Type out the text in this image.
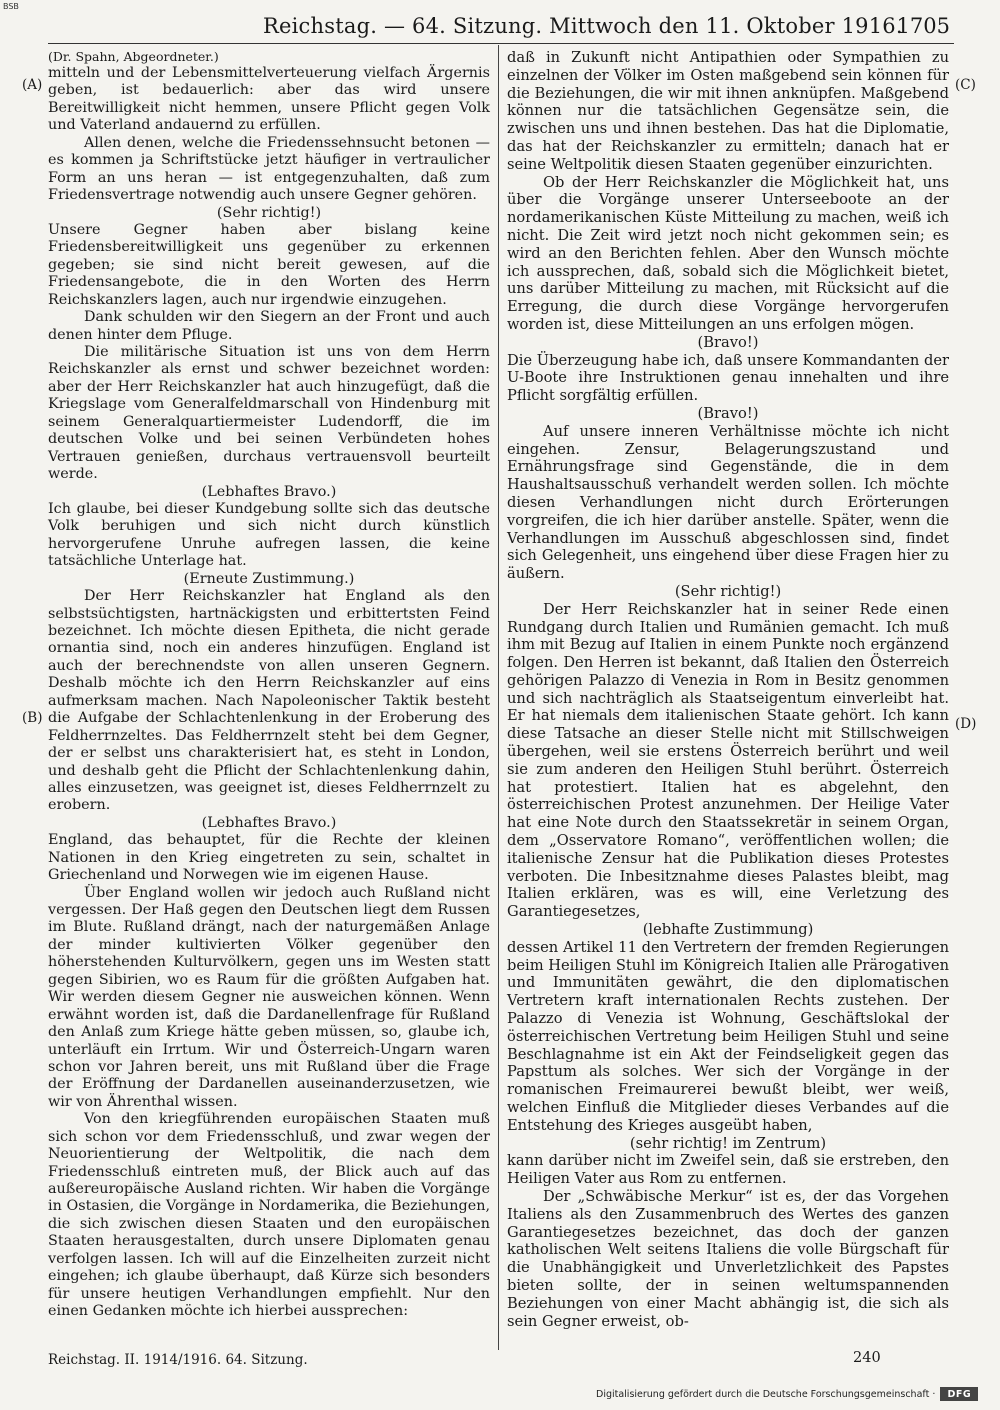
BSB
Reichstag. — 64. Sitzung. Mittwoch den 11. Oktober 1916.
1705
(A)
(B)
(C)
(D)
(Dr. Spahn, Abgeordneter.)
mitteln und der Lebensmittelverteuerung vielfach Ärgernis geben, ist bedauerlich: aber das wird unsere Bereitwilligkeit nicht hemmen, unsere Pflicht gegen Volk und Vaterland andauernd zu erfüllen.
Allen denen, welche die Friedenssehnsucht betonen — es kommen ja Schriftstücke jetzt häufiger in vertraulicher Form an uns heran — ist entgegenzuhalten, daß zum Friedensvertrage notwendig auch unsere Gegner gehören.
(Sehr richtig!)
Unsere Gegner haben aber bislang keine Friedensbereitwilligkeit uns gegenüber zu erkennen gegeben; sie sind nicht bereit gewesen, auf die Friedensangebote, die in den Worten des Herrn Reichskanzlers lagen, auch nur irgendwie einzugehen.
Dank schulden wir den Siegern an der Front und auch denen hinter dem Pfluge.
Die militärische Situation ist uns von dem Herrn Reichskanzler als ernst und schwer bezeichnet worden: aber der Herr Reichskanzler hat auch hinzugefügt, daß die Kriegslage vom Generalfeldmarschall von Hindenburg mit seinem Generalquartiermeister Ludendorff, die im deutschen Volke und bei seinen Verbündeten hohes Vertrauen genießen, durchaus vertrauensvoll beurteilt werde.
(Lebhaftes Bravo.)
Ich glaube, bei dieser Kundgebung sollte sich das deutsche Volk beruhigen und sich nicht durch künstlich hervorgerufene Unruhe aufregen lassen, die keine tatsächliche Unterlage hat.
(Erneute Zustimmung.)
Der Herr Reichskanzler hat England als den selbstsüchtigsten, hartnäckigsten und erbittertsten Feind bezeichnet. Ich möchte diesen Epitheta, die nicht gerade ornantia sind, noch ein anderes hinzufügen. England ist auch der berechnendste von allen unseren Gegnern. Deshalb möchte ich den Herrn Reichskanzler auf eins aufmerksam machen. Nach Napoleonischer Taktik besteht die Aufgabe der Schlachtenlenkung in der Eroberung des Feldherrnzeltes. Das Feldherrnzelt steht bei dem Gegner, der er selbst uns charakterisiert hat, es steht in London, und deshalb geht die Pflicht der Schlachtenlenkung dahin, alles einzusetzen, was geeignet ist, dieses Feldherrnzelt zu erobern.
(Lebhaftes Bravo.)
England, das behauptet, für die Rechte der kleinen Nationen in den Krieg eingetreten zu sein, schaltet in Griechenland und Norwegen wie im eigenen Hause.
Über England wollen wir jedoch auch Rußland nicht vergessen. Der Haß gegen den Deutschen liegt dem Russen im Blute. Rußland drängt, nach der naturgemäßen Anlage der minder kultivierten Völker gegenüber den höherstehenden Kulturvölkern, gegen uns im Westen statt gegen Sibirien, wo es Raum für die größten Aufgaben hat. Wir werden diesem Gegner nie ausweichen können. Wenn erwähnt worden ist, daß die Dardanellenfrage für Rußland den Anlaß zum Kriege hätte geben müssen, so, glaube ich, unterläuft ein Irrtum. Wir und Österreich-Ungarn waren schon vor Jahren bereit, uns mit Rußland über die Frage der Eröffnung der Dardanellen auseinanderzusetzen, wie wir von Ährenthal wissen.
Von den kriegführenden europäischen Staaten muß sich schon vor dem Friedensschluß, und zwar wegen der Neuorientierung der Weltpolitik, die nach dem Friedensschluß eintreten muß, der Blick auch auf das außereuropäische Ausland richten. Wir haben die Vorgänge in Ostasien, die Vorgänge in Nordamerika, die Beziehungen, die sich zwischen diesen Staaten und den europäischen Staaten herausgestalten, durch unsere Diplomaten genau verfolgen lassen. Ich will auf die Einzelheiten zurzeit nicht eingehen; ich glaube überhaupt, daß Kürze sich besonders für unsere heutigen Verhandlungen empfiehlt. Nur den einen Gedanken möchte ich hierbei aussprechen:
daß in Zukunft nicht Antipathien oder Sympathien zu einzelnen der Völker im Osten maßgebend sein können für die Beziehungen, die wir mit ihnen anknüpfen. Maßgebend können nur die tatsächlichen Gegensätze sein, die zwischen uns und ihnen bestehen. Das hat die Diplomatie, das hat der Reichskanzler zu ermitteln; danach hat er seine Weltpolitik diesen Staaten gegenüber einzurichten.
Ob der Herr Reichskanzler die Möglichkeit hat, uns über die Vorgänge unserer Unterseeboote an der nordamerikanischen Küste Mitteilung zu machen, weiß ich nicht. Die Zeit wird jetzt noch nicht gekommen sein; es wird an den Berichten fehlen. Aber den Wunsch möchte ich aussprechen, daß, sobald sich die Möglichkeit bietet, uns darüber Mitteilung zu machen, mit Rücksicht auf die Erregung, die durch diese Vorgänge hervorgerufen worden ist, diese Mitteilungen an uns erfolgen mögen.
(Bravo!)
Die Überzeugung habe ich, daß unsere Kommandanten der U-Boote ihre Instruktionen genau innehalten und ihre Pflicht sorgfältig erfüllen.
(Bravo!)
Auf unsere inneren Verhältnisse möchte ich nicht eingehen. Zensur, Belagerungszustand und Ernährungsfrage sind Gegenstände, die in dem Haushaltsausschuß verhandelt werden sollen. Ich möchte diesen Verhandlungen nicht durch Erörterungen vorgreifen, die ich hier darüber anstelle. Später, wenn die Verhandlungen im Ausschuß abgeschlossen sind, findet sich Gelegenheit, uns eingehend über diese Fragen hier zu äußern.
(Sehr richtig!)
Der Herr Reichskanzler hat in seiner Rede einen Rundgang durch Italien und Rumänien gemacht. Ich muß ihm mit Bezug auf Italien in einem Punkte noch ergänzend folgen. Den Herren ist bekannt, daß Italien den Österreich gehörigen Palazzo di Venezia in Rom in Besitz genommen und sich nachträglich als Staatseigentum einverleibt hat. Er hat niemals dem italienischen Staate gehört. Ich kann diese Tatsache an dieser Stelle nicht mit Stillschweigen übergehen, weil sie erstens Österreich berührt und weil sie zum anderen den Heiligen Stuhl berührt. Österreich hat protestiert. Italien hat es abgelehnt, den österreichischen Protest anzunehmen. Der Heilige Vater hat eine Note durch den Staatssekretär in seinem Organ, dem „Osservatore Romano“, veröffentlichen wollen; die italienische Zensur hat die Publikation dieses Protestes verboten. Die Inbesitznahme dieses Palastes bleibt, mag Italien erklären, was es will, eine Verletzung des Garantiegesetzes,
(lebhafte Zustimmung)
dessen Artikel 11 den Vertretern der fremden Regierungen beim Heiligen Stuhl im Königreich Italien alle Prärogativen und Immunitäten gewährt, die den diplomatischen Vertretern kraft internationalen Rechts zustehen. Der Palazzo di Venezia ist Wohnung, Geschäftslokal der österreichischen Vertretung beim Heiligen Stuhl und seine Beschlagnahme ist ein Akt der Feindseligkeit gegen das Papsttum als solches. Wer sich der Vorgänge in der romanischen Freimaurerei bewußt bleibt, wer weiß, welchen Einfluß die Mitglieder dieses Verbandes auf die Entstehung des Krieges ausgeübt haben,
(sehr richtig! im Zentrum)
kann darüber nicht im Zweifel sein, daß sie erstreben, den Heiligen Vater aus Rom zu entfernen.
Der „Schwäbische Merkur“ ist es, der das Vorgehen Italiens als den Zusammenbruch des Wertes des ganzen Garantiegesetzes bezeichnet, das doch der ganzen katholischen Welt seitens Italiens die volle Bürgschaft für die Unabhängigkeit und Unverletzlichkeit des Papstes bieten sollte, der in seinen weltumspannenden Beziehungen von einer Macht abhängig ist, die sich als sein Gegner erweist, ob-
Reichstag. II. 1914/1916. 64. Sitzung.	240
Digitalisierung gefördert durch die Deutsche Forschungsgemeinschaft ·	DFG
